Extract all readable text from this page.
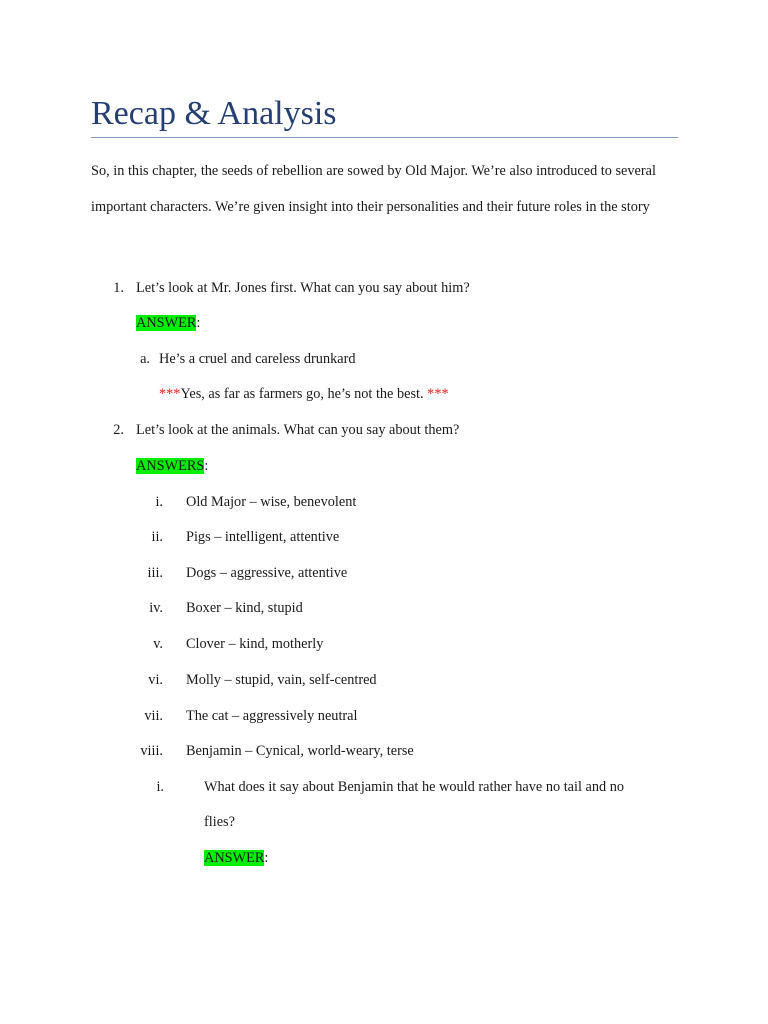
Recap & Analysis

So, in this chapter, the seeds of rebellion are sowed by Old Major. We’re also introduced to several important characters. We’re given insight into their personalities and their future roles in the story

1. Let’s look at Mr. Jones first. What can you say about him?
ANSWER:
a. He’s a cruel and careless drunkard
***Yes, as far as farmers go, he’s not the best. ***
2. Let’s look at the animals. What can you say about them?
ANSWERS:
i. Old Major – wise, benevolent
ii. Pigs – intelligent, attentive
iii. Dogs – aggressive, attentive
iv. Boxer – kind, stupid
v. Clover – kind, motherly
vi. Molly – stupid, vain, self-centred
vii. The cat – aggressively neutral
viii. Benjamin – Cynical, world-weary, terse
i.	What does it say about Benjamin that he would rather have no tail and no
flies?
ANSWER:
